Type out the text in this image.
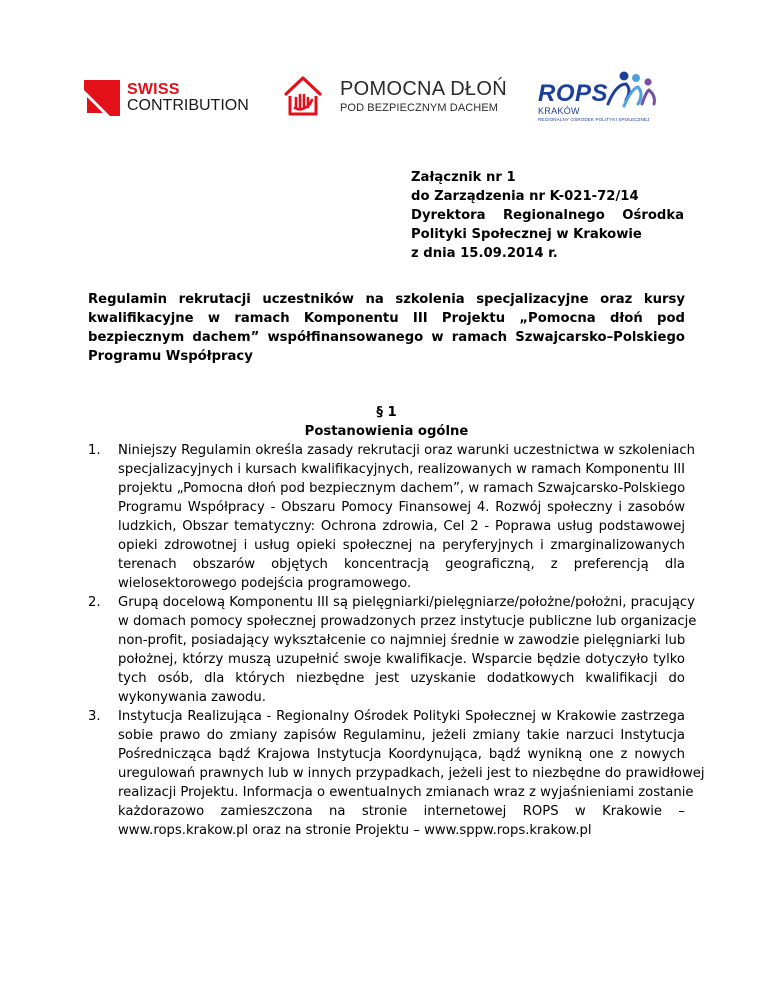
SWISS
CONTRIBUTION
POMOCNA DŁOŃ
POD BEZPIECZNYM DACHEM
ROPS
KRAKÓW
REGIONALNY OŚRODEK POLITYKI SPOŁECZNEJ
Załącznik nr 1
do Zarządzenia nr K-021-72/14
Dyrektora Regionalnego Ośrodka
Polityki Społecznej w Krakowie
z dnia 15.09.2014 r.
Regulamin rekrutacji uczestników na szkolenia specjalizacyjne oraz kursy
kwalifikacyjne w ramach Komponentu III Projektu „Pomocna dłoń pod
bezpiecznym dachem” współfinansowanego w ramach Szwajcarsko–Polskiego
Programu Współpracy
§ 1
Postanowienia ogólne
1.	Niniejszy Regulamin określa zasady rekrutacji oraz warunki uczestnictwa w szkoleniach
specjalizacyjnych i kursach kwalifikacyjnych, realizowanych w ramach Komponentu III
projektu „Pomocna dłoń pod bezpiecznym dachem”, w ramach Szwajcarsko-Polskiego
Programu Współpracy - Obszaru Pomocy Finansowej 4. Rozwój społeczny i zasobów
ludzkich, Obszar tematyczny: Ochrona zdrowia, Cel 2 - Poprawa usług podstawowej
opieki zdrowotnej i usług opieki społecznej na peryferyjnych i zmarginalizowanych
terenach obszarów objętych koncentracją geograficzną, z preferencją dla
wielosektorowego podejścia programowego.
2.	Grupą docelową Komponentu III są pielęgniarki/pielęgniarze/położne/położni, pracujący
w domach pomocy społecznej prowadzonych przez instytucje publiczne lub organizacje
non-profit, posiadający wykształcenie co najmniej średnie w zawodzie pielęgniarki lub
położnej, którzy muszą uzupełnić swoje kwalifikacje. Wsparcie będzie dotyczyło tylko
tych osób, dla których niezbędne jest uzyskanie dodatkowych kwalifikacji do
wykonywania zawodu.
3.	Instytucja Realizująca - Regionalny Ośrodek Polityki Społecznej w Krakowie zastrzega
sobie prawo do zmiany zapisów Regulaminu, jeżeli zmiany takie narzuci Instytucja
Pośrednicząca bądź Krajowa Instytucja Koordynująca, bądź wynikną one z nowych
uregulowań prawnych lub w innych przypadkach, jeżeli jest to niezbędne do prawidłowej
realizacji Projektu. Informacja o ewentualnych zmianach wraz z wyjaśnieniami zostanie
każdorazowo zamieszczona na stronie internetowej ROPS w Krakowie –
www.rops.krakow.pl oraz na stronie Projektu – www.sppw.rops.krakow.pl
